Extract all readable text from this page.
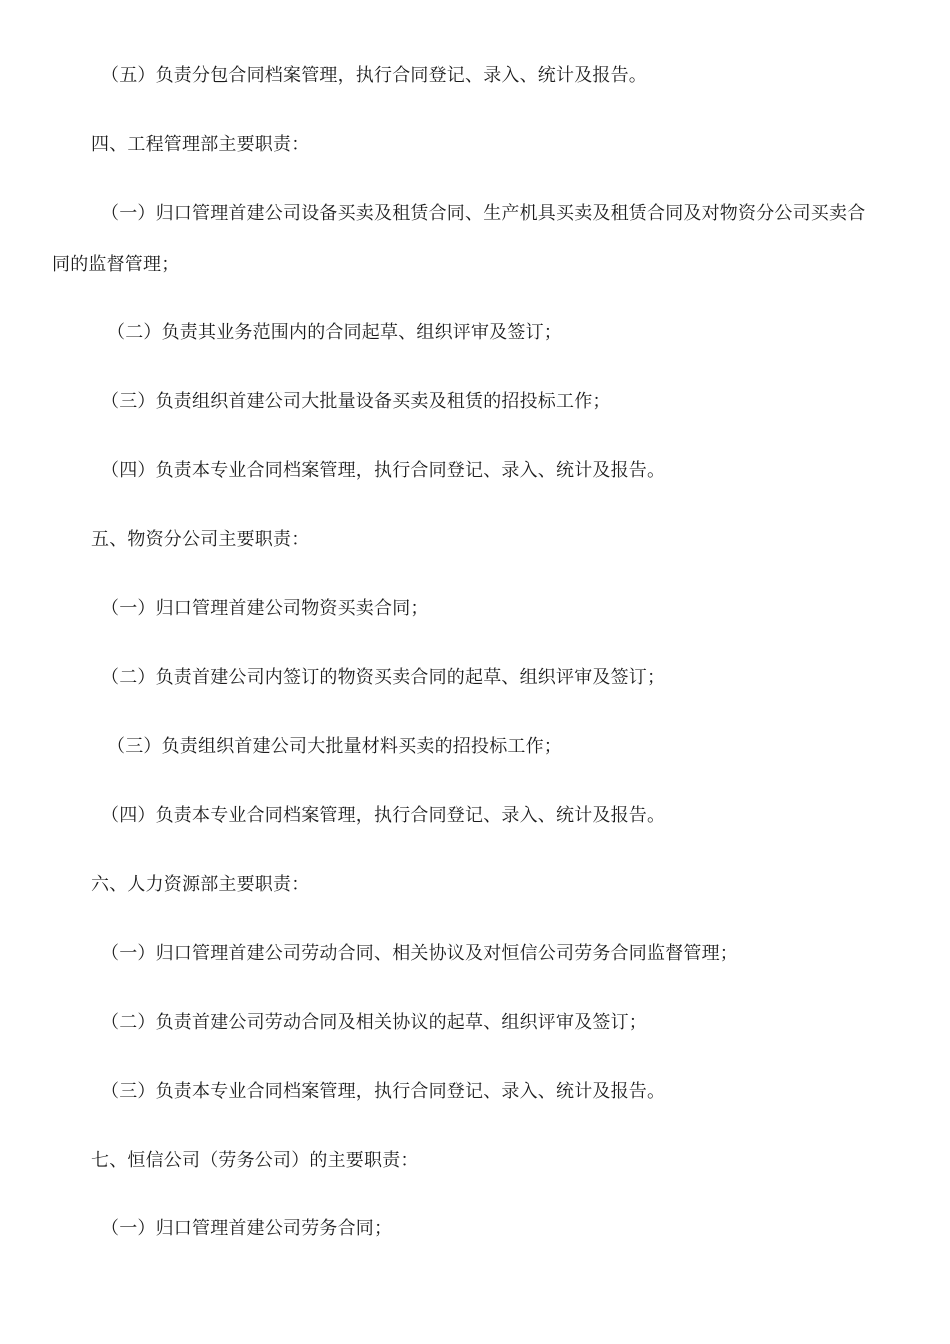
（五）负责分包合同档案管理，执行合同登记、录入、统计及报告。
四、工程管理部主要职责：
（一）归口管理首建公司设备买卖及租赁合同、生产机具买卖及租赁合同及对物资分公司买卖合
同的监督管理；
（二）负责其业务范围内的合同起草、组织评审及签订；
（三）负责组织首建公司大批量设备买卖及租赁的招投标工作；
（四）负责本专业合同档案管理，执行合同登记、录入、统计及报告。
五、物资分公司主要职责：
（一）归口管理首建公司物资买卖合同；
（二）负责首建公司内签订的物资买卖合同的起草、组织评审及签订；
（三）负责组织首建公司大批量材料买卖的招投标工作；
（四）负责本专业合同档案管理，执行合同登记、录入、统计及报告。
六、人力资源部主要职责：
（一）归口管理首建公司劳动合同、相关协议及对恒信公司劳务合同监督管理；
（二）负责首建公司劳动合同及相关协议的起草、组织评审及签订；
（三）负责本专业合同档案管理，执行合同登记、录入、统计及报告。
七、恒信公司（劳务公司）的主要职责：
（一）归口管理首建公司劳务合同；
